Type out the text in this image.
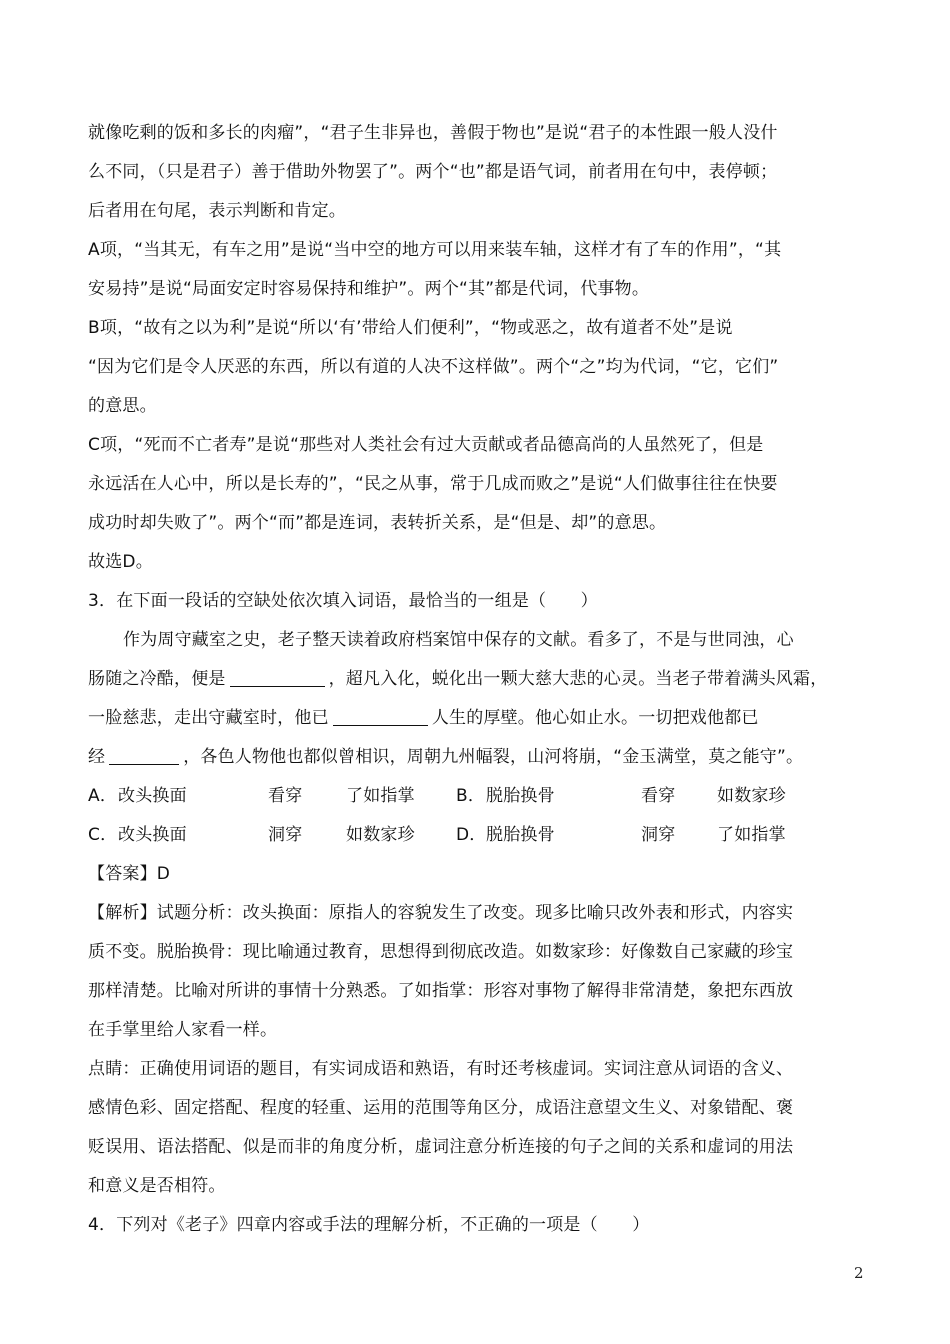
就像吃剩的饭和多长的肉瘤”，“君子生非异也，善假于物也”是说“君子的本性跟一般人没什
么不同，（只是君子）善于借助外物罢了”。两个“也”都是语气词，前者用在句中，表停顿；
后者用在句尾，表示判断和肯定。
A项，“当其无，有车之用”是说“当中空的地方可以用来装车轴，这样才有了车的作用”，“其
安易持”是说“局面安定时容易保持和维护”。两个“其”都是代词，代事物。
B项，“故有之以为利”是说“所以‘有’带给人们便利”，“物或恶之，故有道者不处”是说
“因为它们是令人厌恶的东西，所以有道的人决不这样做”。两个“之”均为代词，“它，它们”
的意思。
C项，“死而不亡者寿”是说“那些对人类社会有过大贡献或者品德高尚的人虽然死了，但是
永远活在人心中，所以是长寿的”，“民之从事，常于几成而败之”是说“人们做事往往在快要
成功时却失败了”。两个“而”都是连词，表转折关系，是“但是、却”的意思。
故选D。
3．在下面一段话的空缺处依次填入词语，最恰当的一组是（　　）
作为周守藏室之史，老子整天读着政府档案馆中保存的文献。看多了，不是与世同浊，心
肠随之冷酷，便是	，超凡入化，蜕化出一颗大慈大悲的心灵。当老子带着满头风霜，
一脸慈悲，走出守藏室时，他已	人生的厚壁。他心如止水。一切把戏他都已
经	，各色人物他也都似曾相识，周朝九州幅裂，山河将崩，“金玉满堂，莫之能守”。
A． 改头换面	看穿	了如指掌	B． 脱胎换骨	看穿	如数家珍
C． 改头换面	洞穿	如数家珍	D． 脱胎换骨	洞穿	了如指掌
【答案】D
【解析】试题分析：改头换面：原指人的容貌发生了改变。现多比喻只改外表和形式，内容实
质不变。脱胎换骨：现比喻通过教育，思想得到彻底改造。如数家珍：好像数自己家藏的珍宝
那样清楚。比喻对所讲的事情十分熟悉。了如指掌：形容对事物了解得非常清楚，象把东西放
在手掌里给人家看一样。
点睛：正确使用词语的题目，有实词成语和熟语，有时还考核虚词。实词注意从词语的含义、
感情色彩、固定搭配、程度的轻重、运用的范围等角区分，成语注意望文生义、对象错配、褒
贬误用、语法搭配、似是而非的角度分析，虚词注意分析连接的句子之间的关系和虚词的用法
和意义是否相符。
4．下列对《老子》四章内容或手法的理解分析，不正确的一项是（　　）
2
